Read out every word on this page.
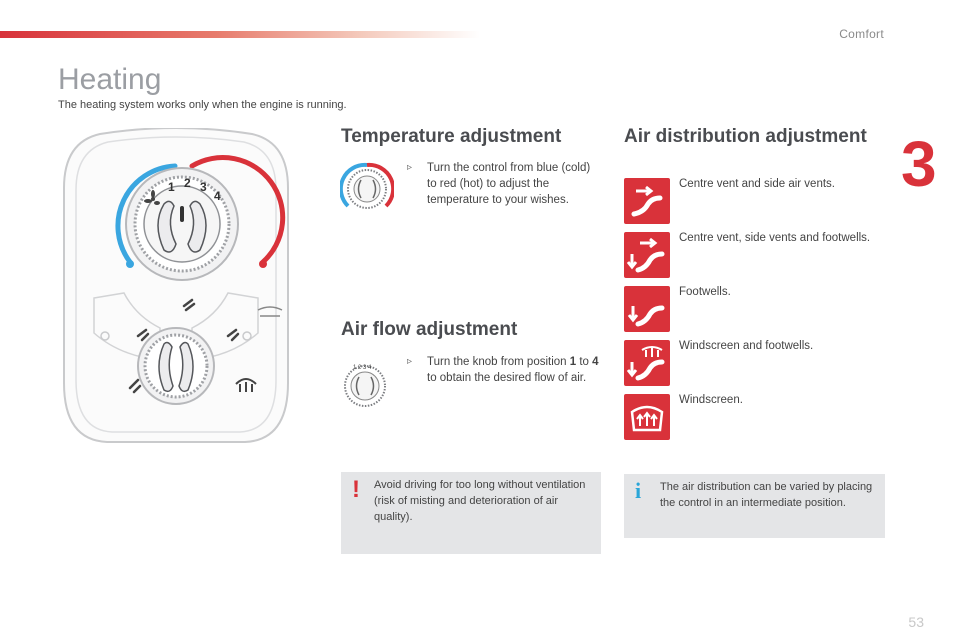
Comfort
3
Heating

The heating system works only when the engine is running.

1 2 3
4
Temperature adjustment
▹ Turn the control from blue (cold) to red (hot) to adjust the temperature to your wishes.
Air flow adjustment
1 2 3 4
▹ Turn the knob from position 1 to 4 to obtain the desired flow of air.
Air distribution adjustment
Centre vent and side air vents.
Centre vent, side vents and footwells.
Footwells.
Windscreen and footwells.
Windscreen.
! Avoid driving for too long without ventilation (risk of misting and deterioration of air quality).

i The air distribution can be varied by placing the control in an intermediate position.

53
